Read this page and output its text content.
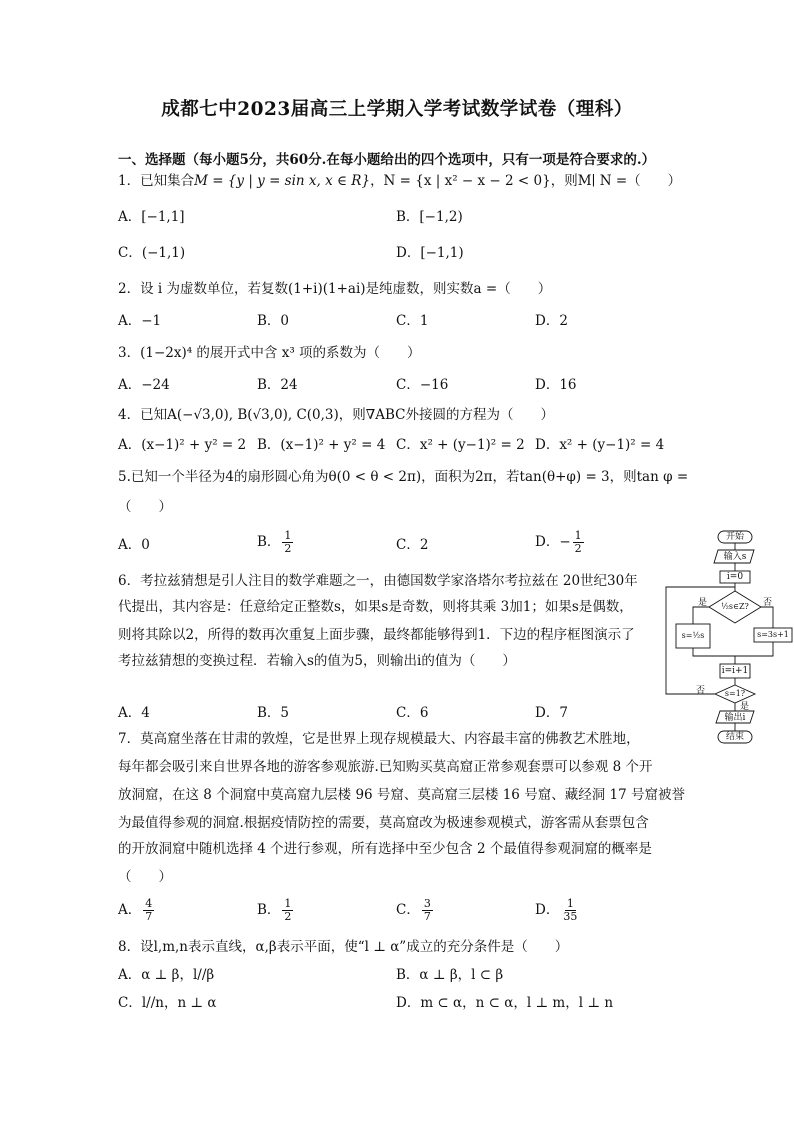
成都七中2023届高三上学期入学考试数学试卷（理科）
一、选择题（每小题5分，共60分.在每小题给出的四个选项中，只有一项是符合要求的.）
1．已知集合M = {y | y = sin x, x ∈ R}，N = {x | x² − x − 2 < 0}，则M∣ N =（　　）
A．[−1,1]	B．[−1,2)
C．(−1,1)	D．[−1,1)
2．设 i 为虚数单位，若复数(1+i)(1+ai)是纯虚数，则实数a =（　　）
A．−1	B．0	C．1	D．2
3．(1−2x)⁴ 的展开式中含 x³ 项的系数为（　　）
A．−24	B．24	C．−16	D．16
4．已知A(−√3,0), B(√3,0), C(0,3)，则∇ABC外接圆的方程为（　　）
A．(x−1)² + y² = 2 B．(x−1)² + y² = 4 C．x² + (y−1)² = 2 D．x² + (y−1)² = 4
5.已知一个半径为4的扇形圆心角为θ(0 < θ < 2π)，面积为2π，若tan(θ+φ) = 3，则tan φ =
（　　）
A．0	B． $\frac{1}{2}$	C．2	D．− $\frac{1}{2}$
6．考拉兹猜想是引人注目的数学难题之一，由德国数学家洛塔尔考拉兹在 20世纪30年
代提出，其内容是：任意给定正整数s，如果s是奇数，则将其乘 3加1；如果s是偶数，
则将其除以2，所得的数再次重复上面步骤，最终都能够得到1．下边的程序框图演示了
考拉兹猜想的变换过程．若输入s的值为5，则输出i的值为（　　）
A．4	B．5	C．6	D．7
开始
输入s
i=0
½s∈Z?
是	否
s=½s	s=3s+1
i=i+1
s=1?
是
否
输出i
结束
7．莫高窟坐落在甘肃的敦煌，它是世界上现存规模最大、内容最丰富的佛教艺术胜地，
每年都会吸引来自世界各地的游客参观旅游.已知购买莫高窟正常参观套票可以参观 8 个开
放洞窟，在这 8 个洞窟中莫高窟九层楼 96 号窟、莫高窟三层楼 16 号窟、藏经洞 17 号窟被誉
为最值得参观的洞窟.根据疫情防控的需要，莫高窟改为极速参观模式，游客需从套票包含
的开放洞窟中随机选择 4 个进行参观，所有选择中至少包含 2 个最值得参观洞窟的概率是
（　　）
A． $\frac{4}{7}$	B． $\frac{1}{2}$	C． $\frac{3}{7}$	D． $\frac{1}{35}$
8．设l,m,n表示直线，α,β表示平面，使“l ⊥ α”成立的充分条件是（　　）
A．α ⊥ β，l//β	B．α ⊥ β，l ⊂ β
C．l//n，n ⊥ α	D．m ⊂ α，n ⊂ α，l ⊥ m，l ⊥ n
